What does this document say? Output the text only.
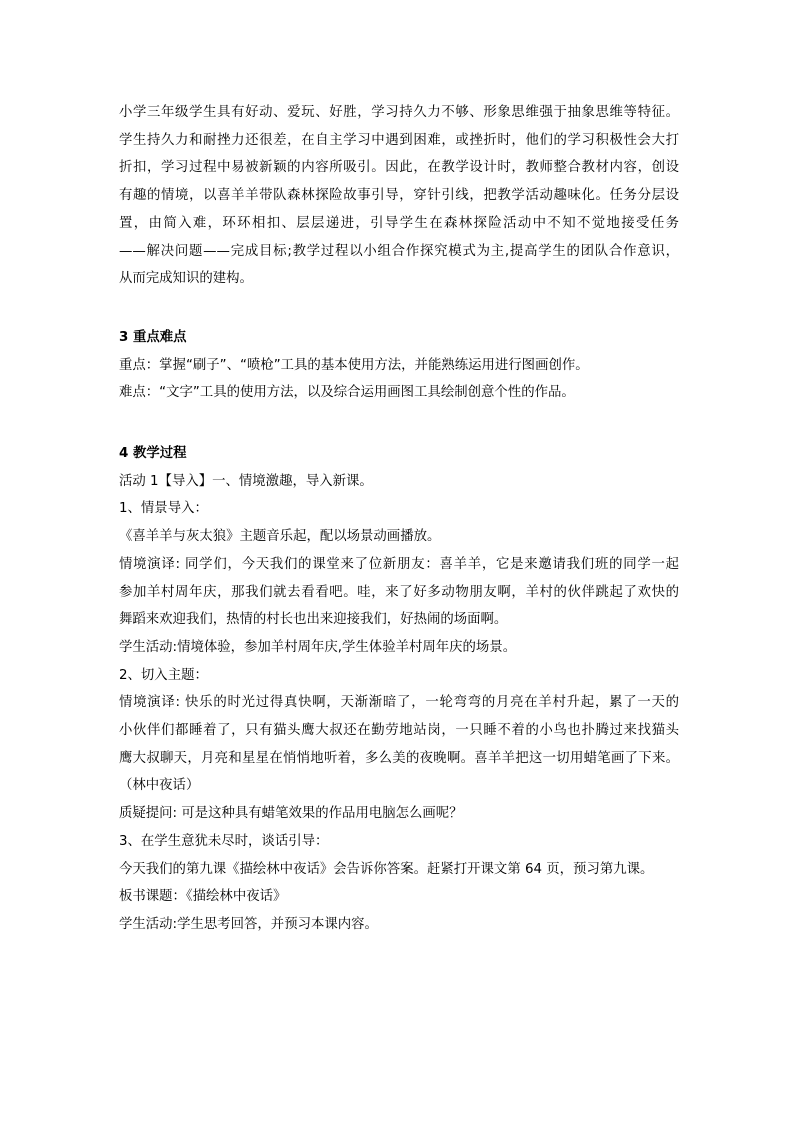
小学三年级学生具有好动、爱玩、好胜，学习持久力不够、形象思维强于抽象思维等特征。

学生持久力和耐挫力还很差，在自主学习中遇到困难，或挫折时，他们的学习积极性会大打

折扣，学习过程中易被新颖的内容所吸引。因此，在教学设计时，教师整合教材内容，创设

有趣的情境，以喜羊羊带队森林探险故事引导，穿针引线，把教学活动趣味化。任务分层设

置，由简入难，环环相扣、层层递进，引导学生在森林探险活动中不知不觉地接受任务

——解决问题——完成目标;教学过程以小组合作探究模式为主,提高学生的团队合作意识，

从而完成知识的建构。

3 重点难点

重点：掌握“刷子”、“喷枪”工具的基本使用方法，并能熟练运用进行图画创作。

难点：“文字”工具的使用方法，以及综合运用画图工具绘制创意个性的作品。

4 教学过程

活动 1【导入】一、情境激趣，导入新课。

1、情景导入：

《喜羊羊与灰太狼》主题音乐起，配以场景动画播放。

情境演译: 同学们，今天我们的课堂来了位新朋友：喜羊羊，它是来邀请我们班的同学一起

参加羊村周年庆，那我们就去看看吧。哇，来了好多动物朋友啊，羊村的伙伴跳起了欢快的

舞蹈来欢迎我们，热情的村长也出来迎接我们，好热闹的场面啊。

学生活动:情境体验，参加羊村周年庆,学生体验羊村周年庆的场景。

2、切入主题：

情境演译: 快乐的时光过得真快啊，天渐渐暗了，一轮弯弯的月亮在羊村升起，累了一天的

小伙伴们都睡着了，只有猫头鹰大叔还在勤劳地站岗，一只睡不着的小鸟也扑腾过来找猫头

鹰大叔聊天，月亮和星星在悄悄地听着，多么美的夜晚啊。喜羊羊把这一切用蜡笔画了下来。

（林中夜话）

质疑提问: 可是这种具有蜡笔效果的作品用电脑怎么画呢？

3、在学生意犹未尽时，谈话引导：

今天我们的第九课《描绘林中夜话》会告诉你答案。赶紧打开课文第 64 页，预习第九课。

板书课题：《描绘林中夜话》

学生活动:学生思考回答，并预习本课内容。
